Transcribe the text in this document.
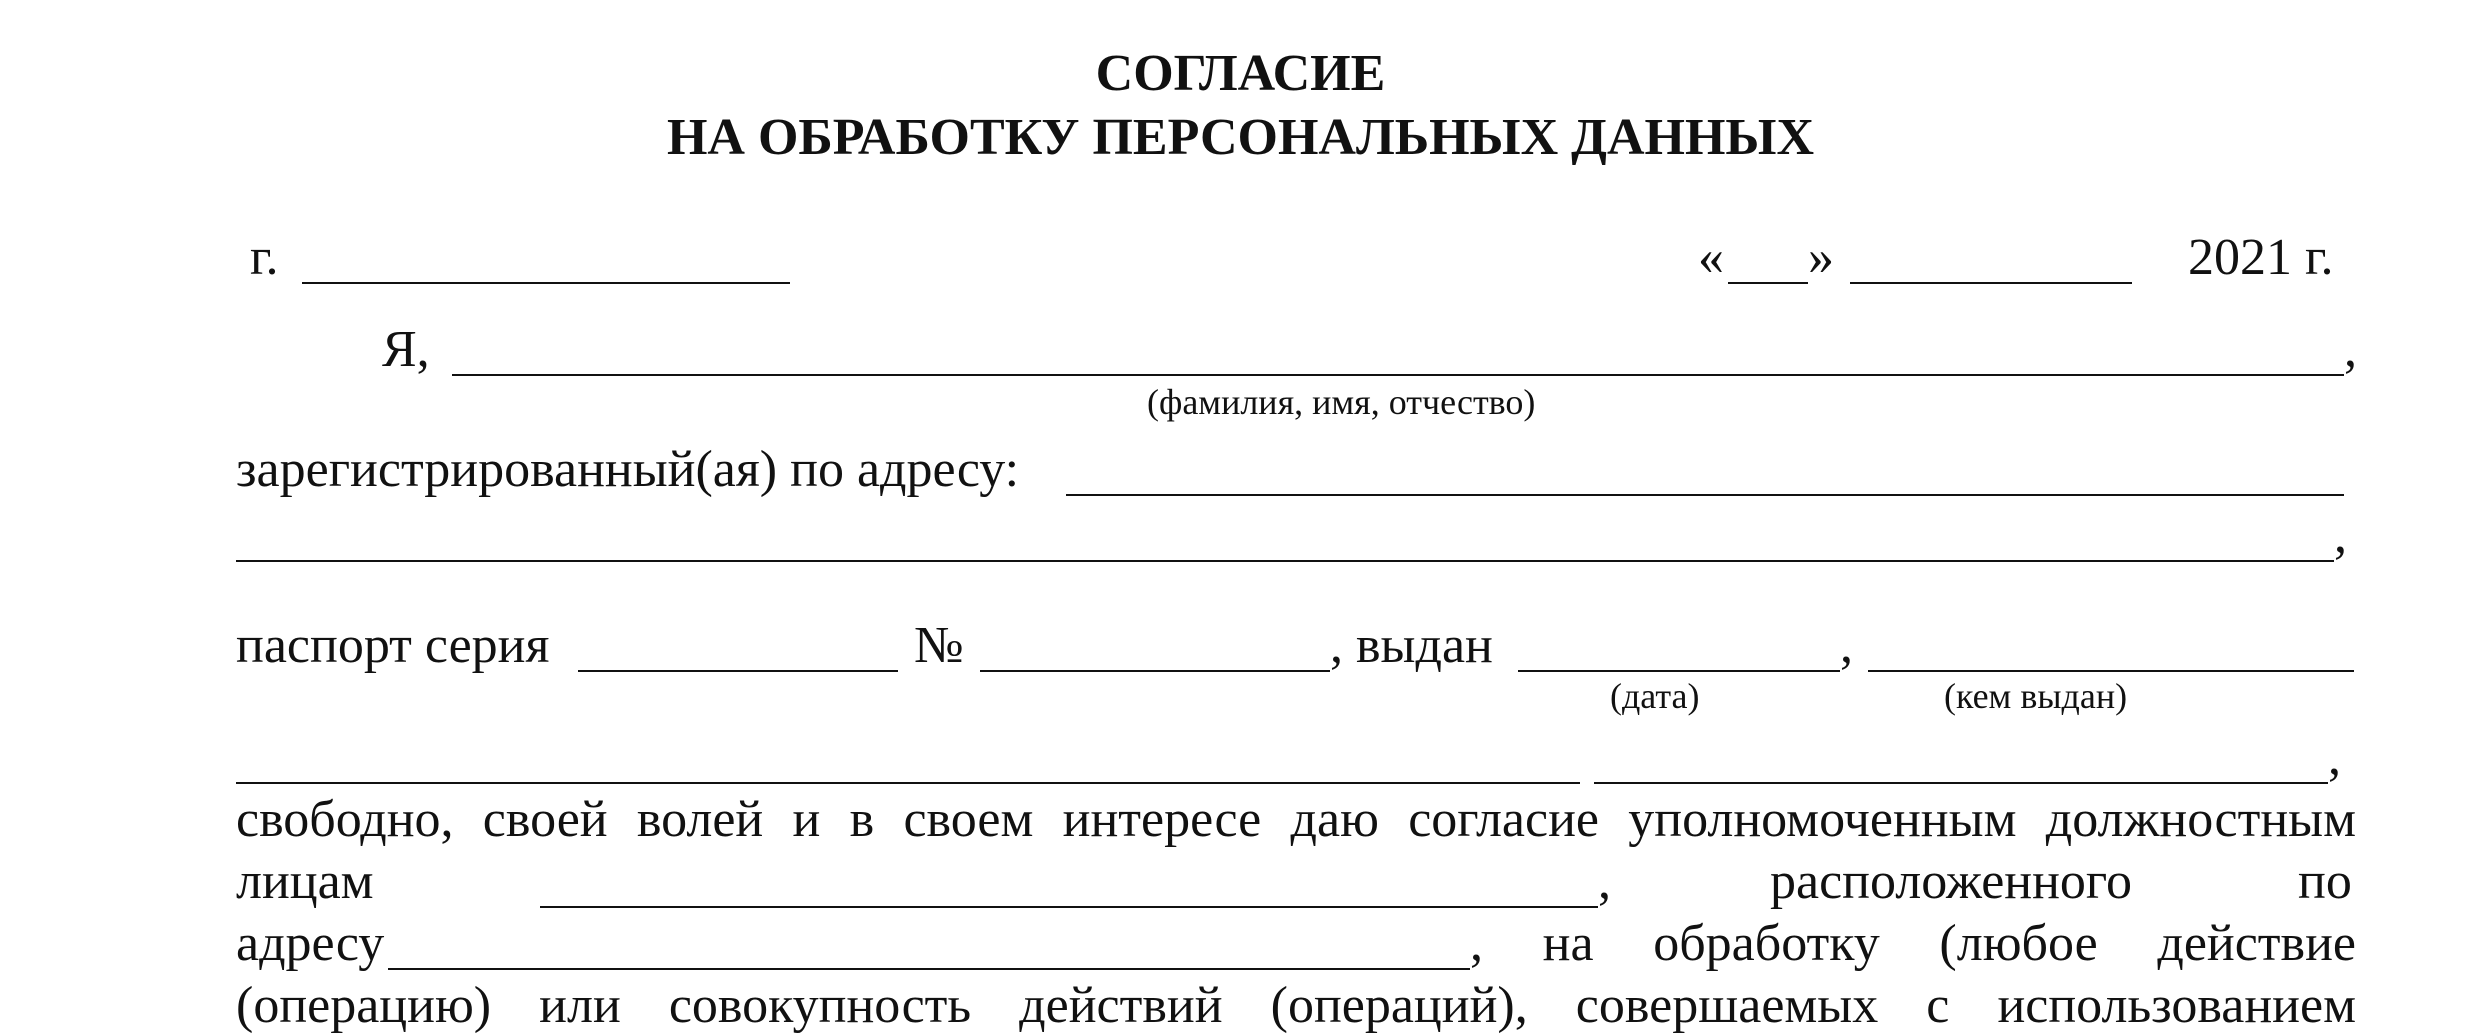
СОГЛАСИЕ
НА ОБРАБОТКУ ПЕРСОНАЛЬНЫХ ДАННЫХ
г.	« »	2021 г.
Я,	,
(фамилия, имя, отчество)
зарегистрированный(ая) по адресу:
,
паспорт серия	№	, выдан	,
(дата)	(кем выдан)
,
свободно, своей волей и в своем интересе даю согласие уполномоченным должностным
лицам	,	расположенного	по
адресу	, на обработку (любое действие
(операцию) или совокупность действий (операций), совершаемых с использованием
